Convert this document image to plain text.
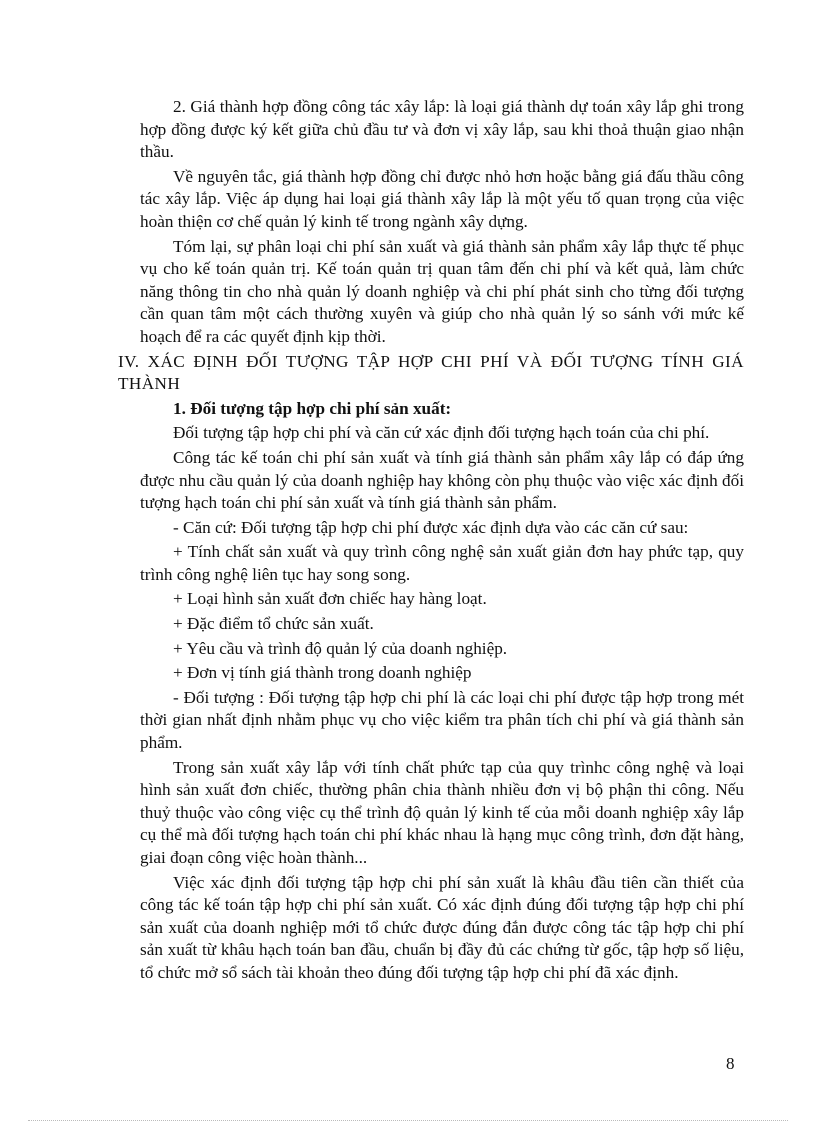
2. Giá thành hợp đồng công tác xây lắp: là loại giá thành dự toán xây lắp ghi trong hợp đồng được ký kết giữa chủ đầu tư và đơn vị xây lắp, sau khi thoả thuận giao nhận thầu.

Về nguyên tắc, giá thành hợp đồng chỉ được nhỏ hơn hoặc bằng giá đấu thầu công tác xây lắp. Việc áp dụng hai loại giá thành xây lắp là một yếu tố quan trọng của việc hoàn thiện cơ chế quản lý kinh tế trong ngành xây dựng.

Tóm lại, sự phân loại chi phí sản xuất và giá thành sản phẩm xây lắp thực tế phục vụ cho kế toán quản trị. Kế toán quản trị quan tâm đến chi phí và kết quả, làm chức năng thông tin cho nhà quản lý doanh nghiệp và chi phí phát sinh cho từng đối tượng cần quan tâm một cách thường xuyên và giúp cho nhà quản lý so sánh với mức kế hoạch để ra các quyết định kịp thời.

IV. XÁC ĐỊNH ĐỐI TƯỢNG TẬP HỢP CHI PHÍ VÀ ĐỐI TƯỢNG TÍNH GIÁ THÀNH

1. Đối tượng tập hợp chi phí sản xuất:

Đối tượng tập hợp chi phí và căn cứ xác định đối tượng hạch toán của chi phí.

Công tác kế toán chi phí sản xuất và tính giá thành sản phẩm xây lắp có đáp ứng được nhu cầu quản lý của doanh nghiệp hay không còn phụ thuộc vào việc xác định đối tượng hạch toán chi phí sản xuất và tính giá thành sản phẩm.

- Căn cứ: Đối tượng tập hợp chi phí được xác định dựa vào các căn cứ sau:

+ Tính chất sản xuất và quy trình công nghệ sản xuất giản đơn hay phức tạp, quy trình công nghệ liên tục hay song song.

+ Loại hình sản xuất đơn chiếc hay hàng loạt.

+ Đặc điểm tổ chức sản xuất.

+ Yêu cầu và trình độ quản lý của doanh nghiệp.

+ Đơn vị tính giá thành trong doanh nghiệp

- Đối tượng : Đối tượng tập hợp chi phí là các loại chi phí được tập hợp trong mét thời gian nhất định nhằm phục vụ cho việc kiểm tra phân tích chi phí và giá thành sản phẩm.

Trong sản xuất xây lắp với tính chất phức tạp của quy trìnhc công nghệ và loại hình sản xuất đơn chiếc, thường phân chia thành nhiều đơn vị bộ phận thi công. Nếu thuỷ thuộc vào công việc cụ thể trình độ quản lý kinh tế của mỗi doanh nghiệp xây lắp cụ thể mà đối tượng hạch toán chi phí khác nhau là hạng mục công trình, đơn đặt hàng, giai đoạn công việc hoàn thành...

Việc xác định đối tượng tập hợp chi phí sản xuất là khâu đầu tiên cần thiết của công tác kế toán tập hợp chi phí sản xuất. Có xác định đúng đối tượng tập hợp chi phí sản xuất của doanh nghiệp mới tổ chức được đúng đắn được công tác tập hợp chi phí sản xuất từ khâu hạch toán ban đầu, chuẩn bị đầy đủ các chứng từ gốc, tập hợp số liệu, tổ chức mở sổ sách tài khoản theo đúng đối tượng tập hợp chi phí đã xác định.

8
